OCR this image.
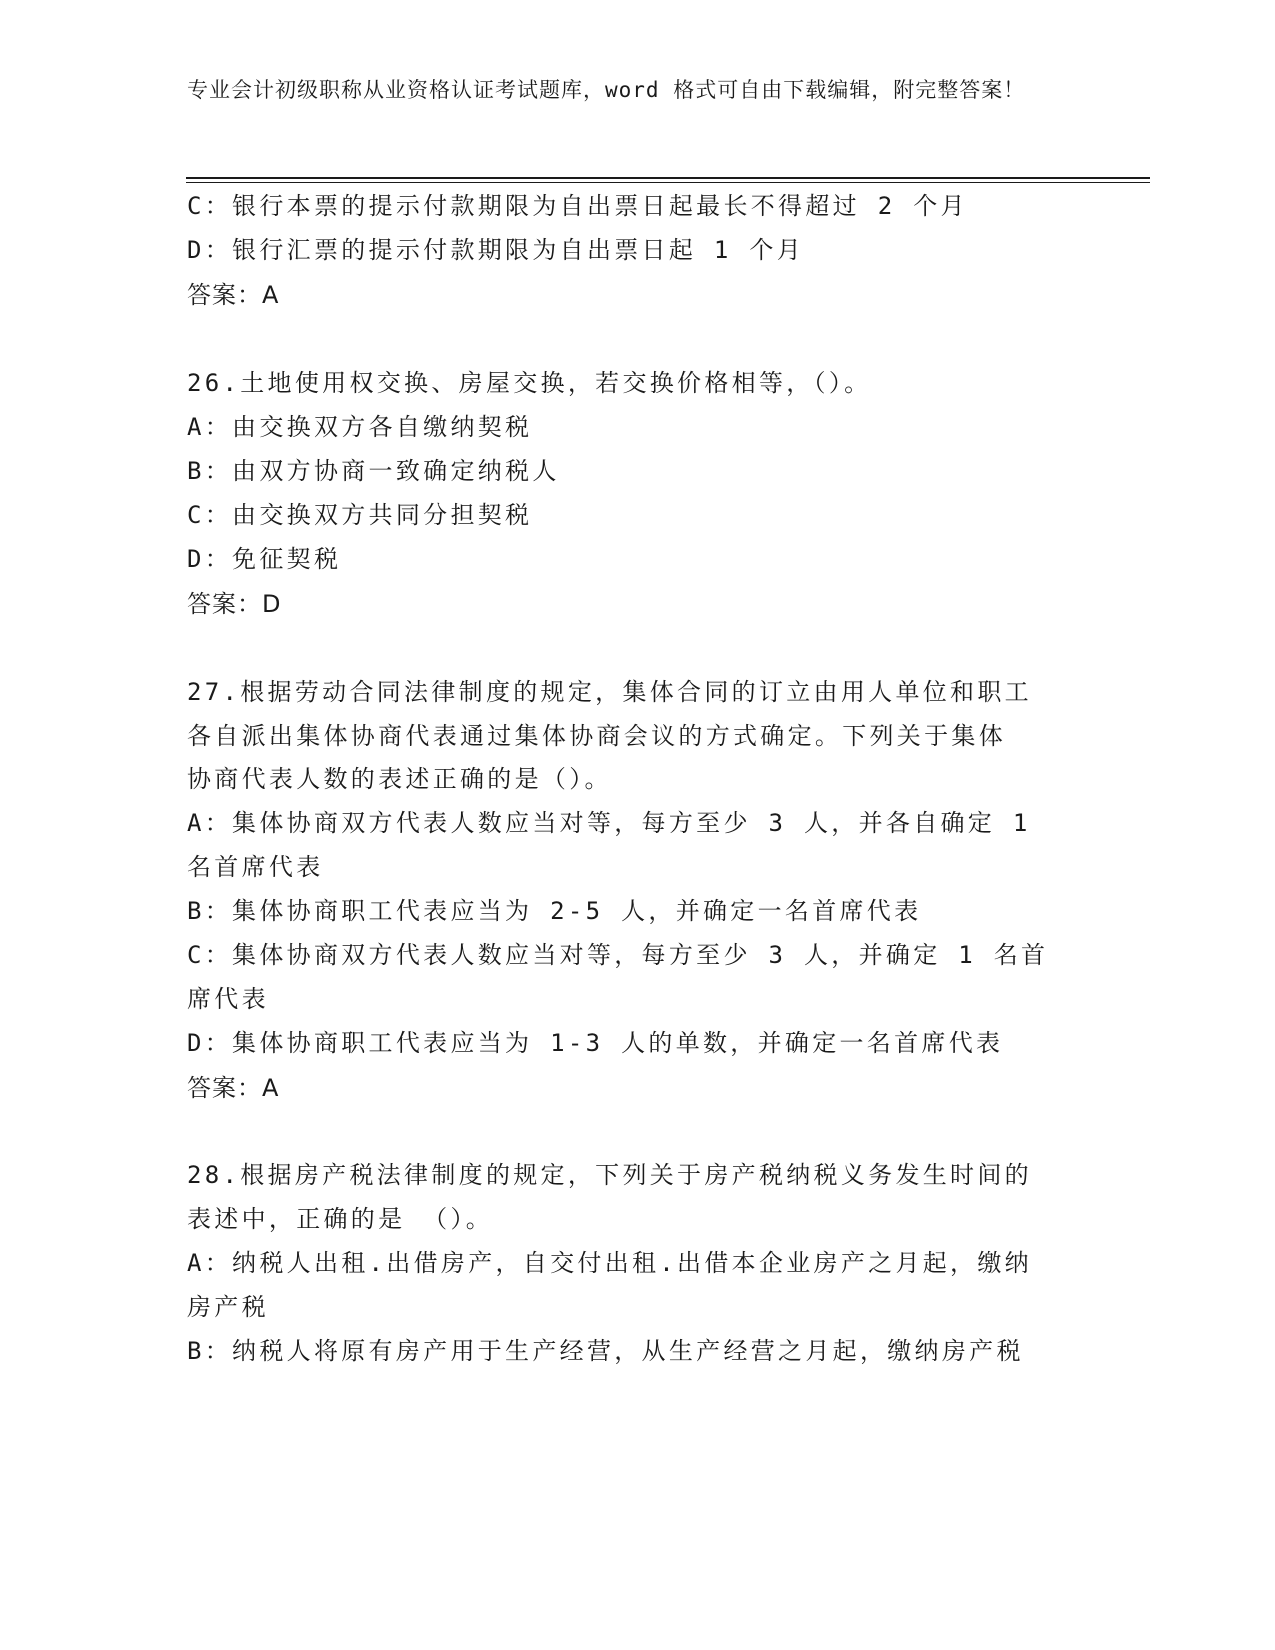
专业会计初级职称从业资格认证考试题库，word 格式可自由下载编辑，附完整答案！
C：银行本票的提示付款期限为自出票日起最长不得超过 2 个月
D：银行汇票的提示付款期限为自出票日起 1 个月
答案：A
26.土地使用权交换、房屋交换，若交换价格相等，（）。
A：由交换双方各自缴纳契税
B：由双方协商一致确定纳税人
C：由交换双方共同分担契税
D：免征契税
答案：D
27.根据劳动合同法律制度的规定，集体合同的订立由用人单位和职工
各自派出集体协商代表通过集体协商会议的方式确定。下列关于集体
协商代表人数的表述正确的是（）。
A：集体协商双方代表人数应当对等，每方至少 3 人，并各自确定 1
名首席代表
B：集体协商职工代表应当为 2-5 人，并确定一名首席代表
C：集体协商双方代表人数应当对等，每方至少 3 人，并确定 1 名首
席代表
D：集体协商职工代表应当为 1-3 人的单数，并确定一名首席代表
答案：A
28.根据房产税法律制度的规定，下列关于房产税纳税义务发生时间的
表述中，正确的是 （）。
A：纳税人出租.出借房产，自交付出租.出借本企业房产之月起，缴纳
房产税
B：纳税人将原有房产用于生产经营，从生产经营之月起，缴纳房产税
